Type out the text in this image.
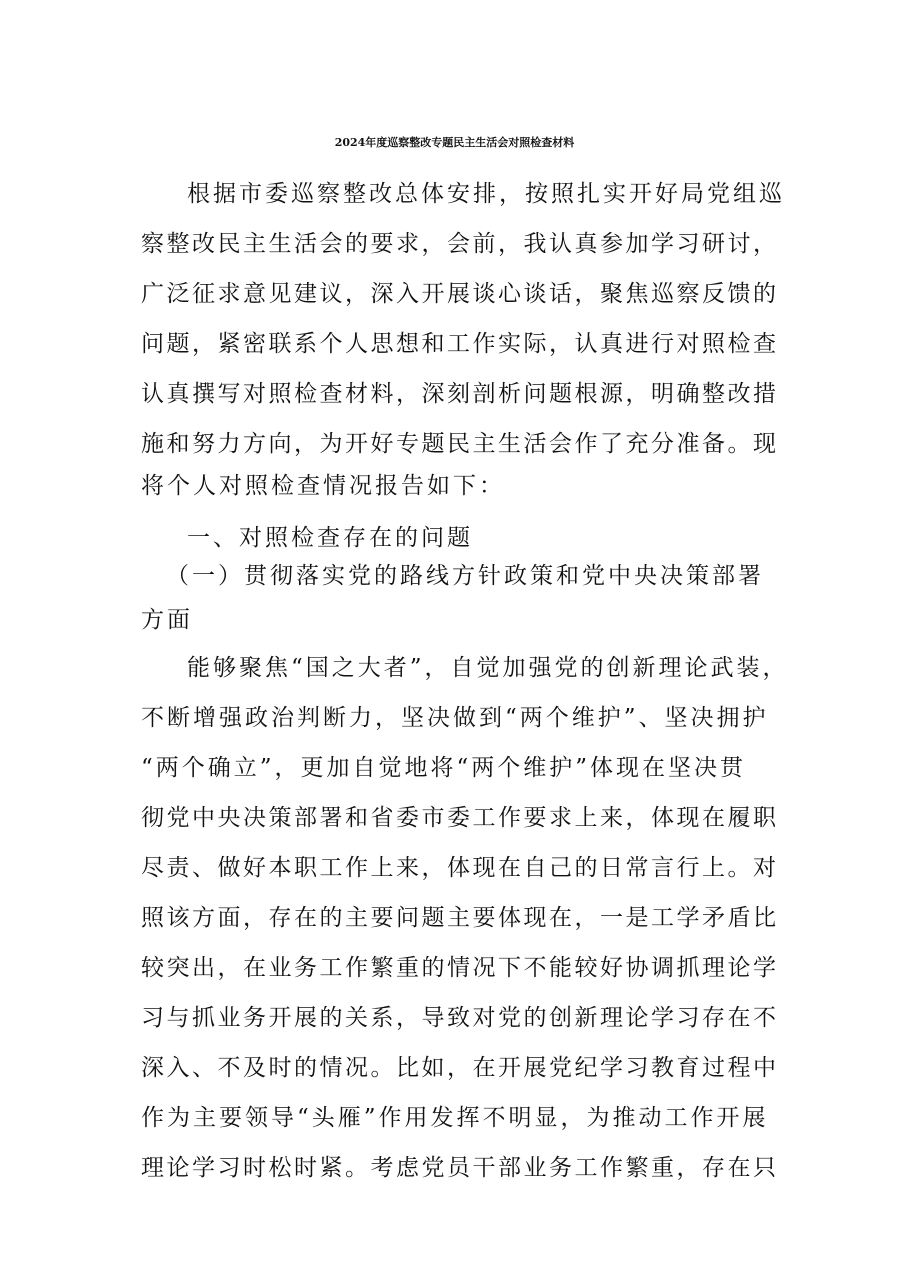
2024年度巡察整改专题民主生活会对照检查材料
根据市委巡察整改总体安排，按照扎实开好局党组巡
察整改民主生活会的要求，会前，我认真参加学习研讨，
广泛征求意见建议，深入开展谈心谈话，聚焦巡察反馈的
问题，紧密联系个人思想和工作实际，认真进行对照检查
认真撰写对照检查材料，深刻剖析问题根源，明确整改措
施和努力方向，为开好专题民主生活会作了充分准备。现
将个人对照检查情况报告如下：
一、对照检查存在的问题
（一）贯彻落实党的路线方针政策和党中央决策部署
方面
能够聚焦“国之大者”，自觉加强党的创新理论武装，
不断增强政治判断力，坚决做到“两个维护”、坚决拥护
“两个确立”，更加自觉地将“两个维护”体现在坚决贯
彻党中央决策部署和省委市委工作要求上来，体现在履职
尽责、做好本职工作上来，体现在自己的日常言行上。对
照该方面，存在的主要问题主要体现在，一是工学矛盾比
较突出，在业务工作繁重的情况下不能较好协调抓理论学
习与抓业务开展的关系，导致对党的创新理论学习存在不
深入、不及时的情况。比如，在开展党纪学习教育过程中
作为主要领导“头雁”作用发挥不明显，为推动工作开展
理论学习时松时紧。考虑党员干部业务工作繁重，存在只
